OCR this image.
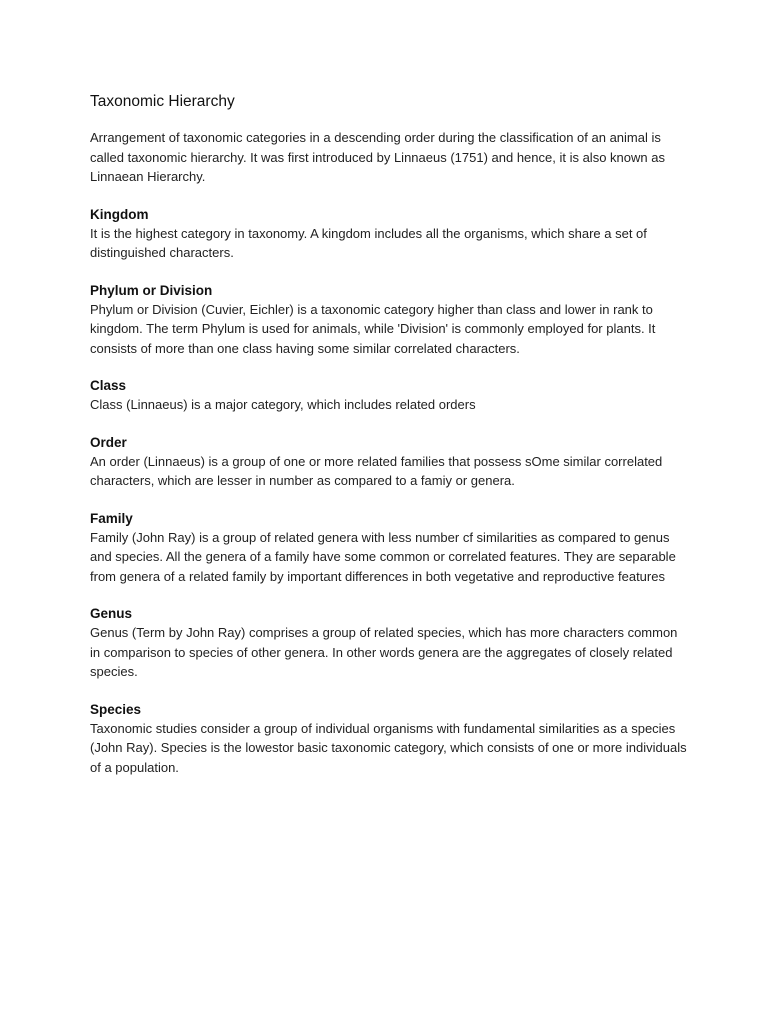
Taxonomic Hierarchy

Arrangement of taxonomic categories in a descending order during the classification of an animal is called taxonomic hierarchy. It was first introduced by Linnaeus (1751) and hence, it is also known as Linnaean Hierarchy.

Kingdom

It is the highest category in taxonomy. A kingdom includes all the organisms, which share a set of distinguished characters.

Phylum or Division

Phylum or Division (Cuvier, Eichler) is a taxonomic category higher than class and lower in rank to kingdom. The term Phylum is used for animals, while 'Division' is commonly employed for plants. It consists of more than one class having some similar correlated characters.

Class

Class (Linnaeus) is a major category, which includes related orders

Order

An order (Linnaeus) is a group of one or more related families that possess sOme similar correlated characters, which are lesser in number as compared to a famiy or genera.

Family

Family (John Ray) is a group of related genera with less number cf similarities as compared to genus and species. All the genera of a family have some common or correlated features. They are separable from genera of a related family by important differences in both vegetative and reproductive features

Genus

Genus (Term by John Ray) comprises a group of related species, which has more characters common in comparison to species of other genera. In other words genera are the aggregates of closely related species.

Species

Taxonomic studies consider a group of individual organisms with fundamental similarities as a species (John Ray). Species is the lowestor basic taxonomic category, which consists of one or more individuals of a population.
